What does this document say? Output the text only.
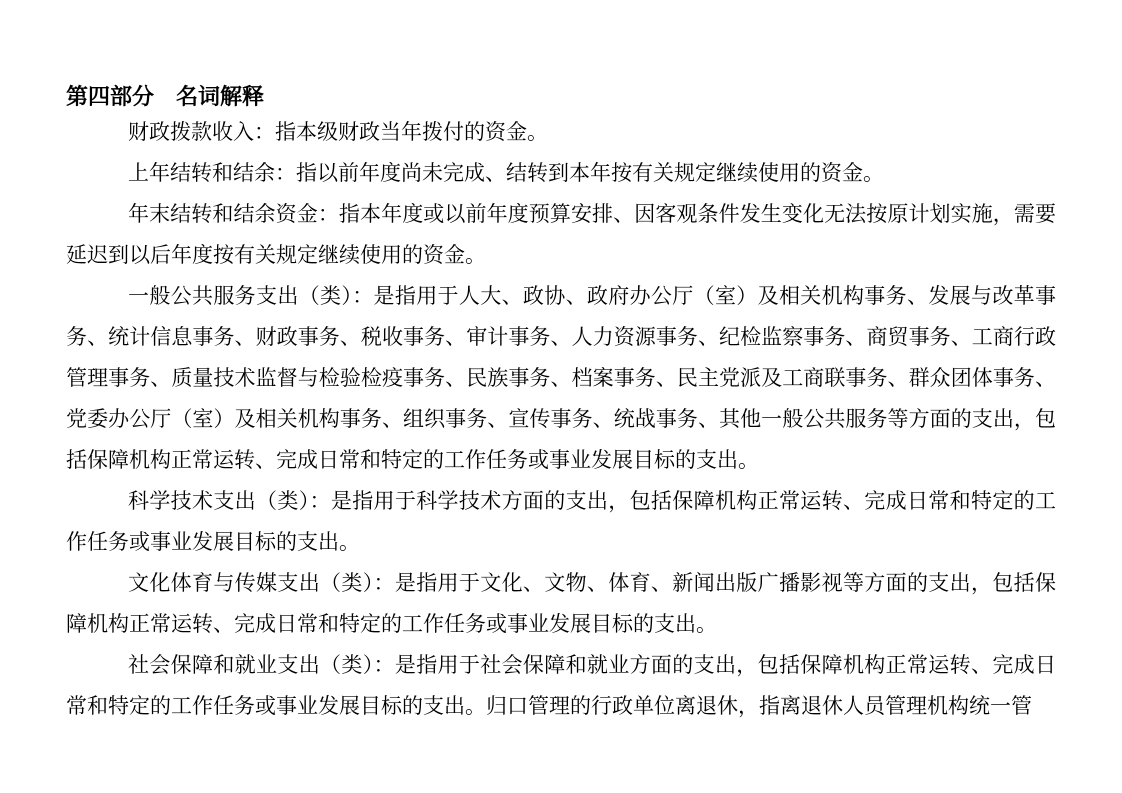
第四部分　名词解释

财政拨款收入：指本级财政当年拨付的资金。

上年结转和结余：指以前年度尚未完成、结转到本年按有关规定继续使用的资金。

年末结转和结余资金：指本年度或以前年度预算安排、因客观条件发生变化无法按原计划实施，需要延迟到以后年度按有关规定继续使用的资金。

一般公共服务支出（类）：是指用于人大、政协、政府办公厅（室）及相关机构事务、发展与改革事务、统计信息事务、财政事务、税收事务、审计事务、人力资源事务、纪检监察事务、商贸事务、工商行政管理事务、质量技术监督与检验检疫事务、民族事务、档案事务、民主党派及工商联事务、群众团体事务、党委办公厅（室）及相关机构事务、组织事务、宣传事务、统战事务、其他一般公共服务等方面的支出，包括保障机构正常运转、完成日常和特定的工作任务或事业发展目标的支出。

科学技术支出（类）：是指用于科学技术方面的支出，包括保障机构正常运转、完成日常和特定的工作任务或事业发展目标的支出。

文化体育与传媒支出（类）：是指用于文化、文物、体育、新闻出版广播影视等方面的支出，包括保障机构正常运转、完成日常和特定的工作任务或事业发展目标的支出。

社会保障和就业支出（类）：是指用于社会保障和就业方面的支出，包括保障机构正常运转、完成日常和特定的工作任务或事业发展目标的支出。归口管理的行政单位离退休，指离退休人员管理机构统一管
